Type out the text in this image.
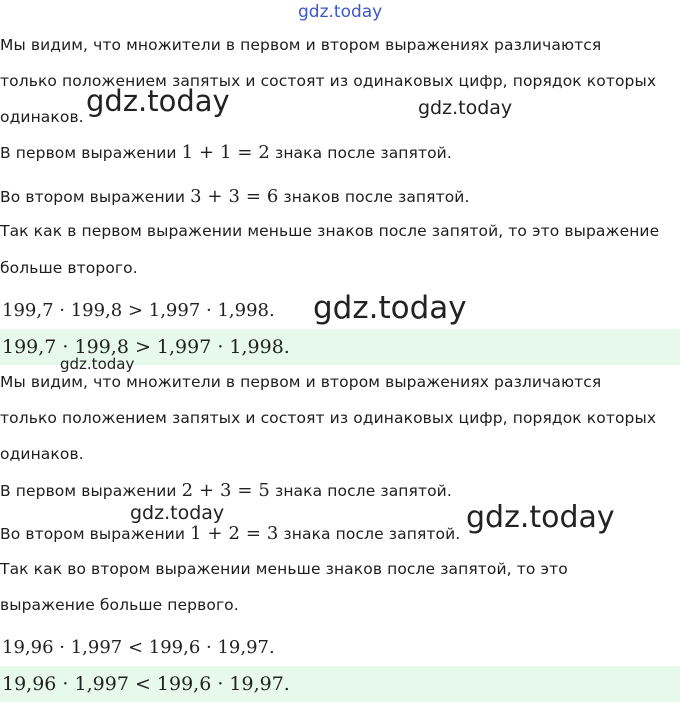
Мы видим, что множители в первом и втором выражениях различаются
только положением запятых и состоят из одинаковых цифр, порядок которых
одинаков.
В первом выражении 1 + 1 = 2 знака после запятой.
Во втором выражении 3 + 3 = 6 знаков после запятой.
Так как в первом выражении меньше знаков после запятой, то это выражение
больше второго.
199,7 · 199,8 > 1,997 · 1,998.
199,7 · 199,8 > 1,997 · 1,998.
Мы видим, что множители в первом и втором выражениях различаются
только положением запятых и состоят из одинаковых цифр, порядок которых
одинаков.
В первом выражении 2 + 3 = 5 знака после запятой.
Во втором выражении 1 + 2 = 3 знака после запятой.
Так как во втором выражении меньше знаков после запятой, то это
выражение больше первого.
19,96 · 1,997 < 199,6 · 19,97.
19,96 · 1,997 < 199,6 · 19,97.
gdz.today
gdz.today	gdz.today
gdz.today
gdz.today
gdz.today	gdz.today
